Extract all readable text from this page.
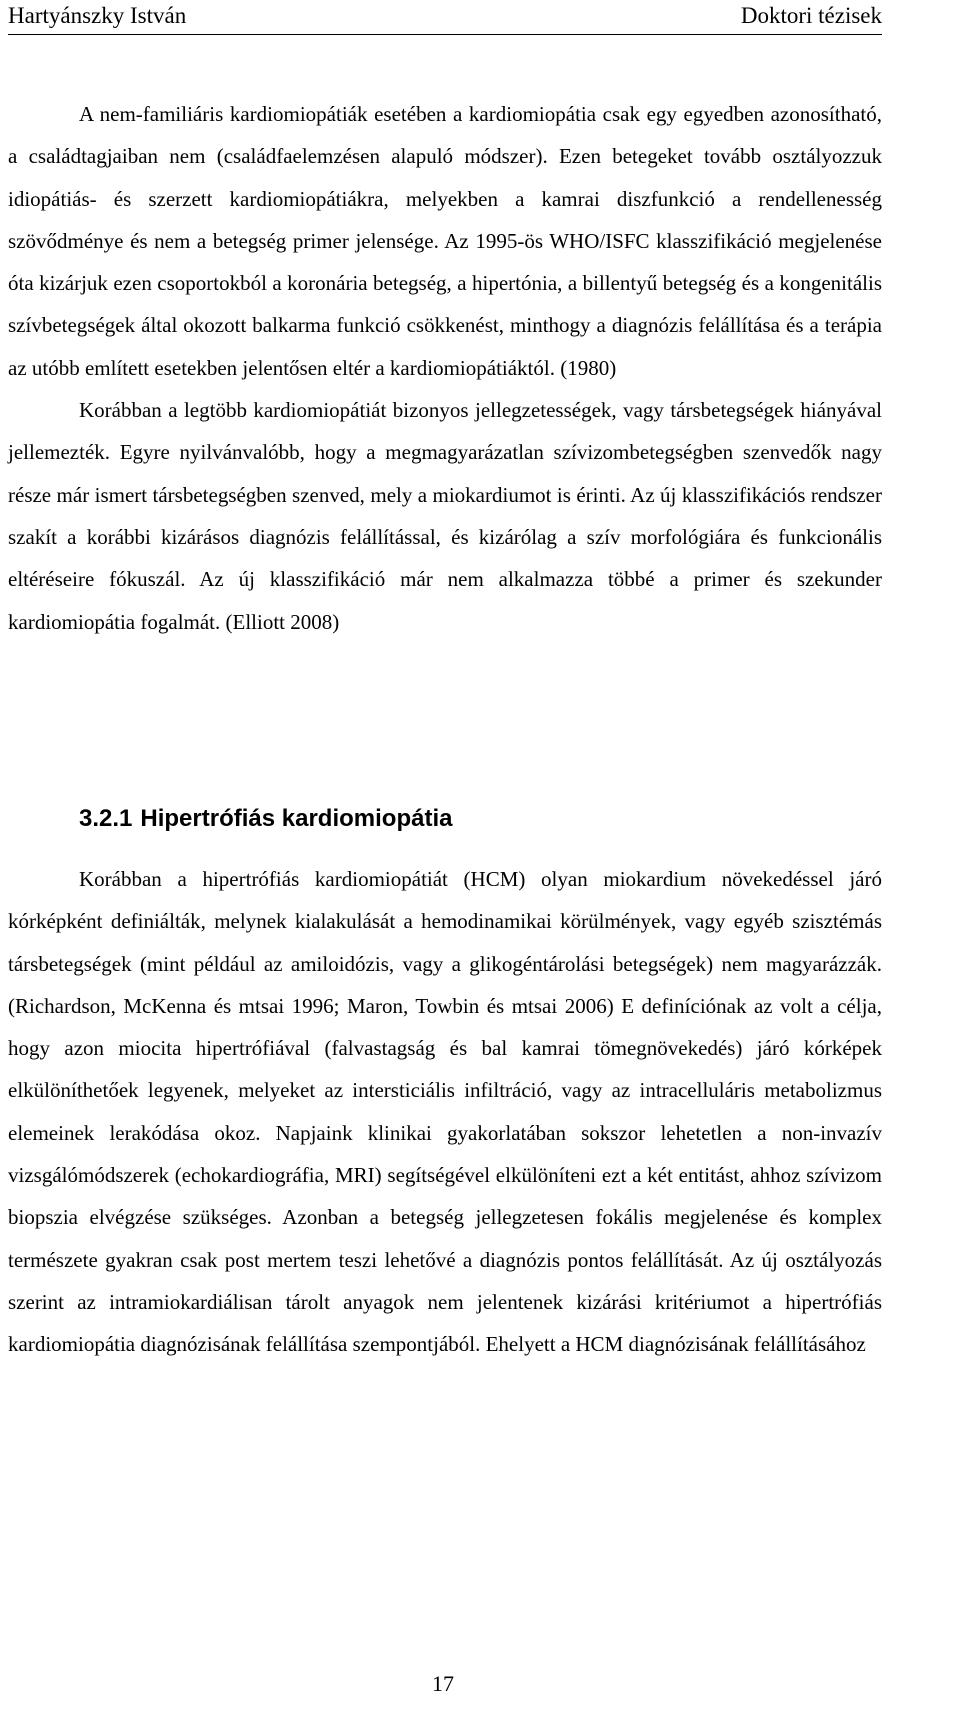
Hartyánszky István	Doktori tézisek

A nem-familiáris kardiomiopátiák esetében a kardiomiopátia csak egy egyedben azonosítható, a családtagjaiban nem (családfaelemzésen alapuló módszer). Ezen betegeket tovább osztályozzuk idiopátiás- és szerzett kardiomiopátiákra, melyekben a kamrai diszfunkció a rendellenesség szövődménye és nem a betegség primer jelensége. Az 1995-ös WHO/ISFC klasszifikáció megjelenése óta kizárjuk ezen csoportokból a koronária betegség, a hipertónia, a billentyű betegség és a kongenitális szívbetegségek által okozott balkarma funkció csökkenést, minthogy a diagnózis felállítása és a terápia az utóbb említett esetekben jelentősen eltér a kardiomiopátiáktól. (1980)

Korábban a legtöbb kardiomiopátiát bizonyos jellegzetességek, vagy társbetegségek hiányával jellemezték. Egyre nyilvánvalóbb, hogy a megmagyarázatlan szívizombetegségben szenvedők nagy része már ismert társbetegségben szenved, mely a miokardiumot is érinti. Az új klasszifikációs rendszer szakít a korábbi kizárásos diagnózis felállítással, és kizárólag a szív morfológiára és funkcionális eltéréseire fókuszál. Az új klasszifikáció már nem alkalmazza többé a primer és szekunder kardiomiopátia fogalmát. (Elliott 2008)

3.2.1 Hipertrófiás kardiomiopátia

Korábban a hipertrófiás kardiomiopátiát (HCM) olyan miokardium növekedéssel járó kórképként definiálták, melynek kialakulását a hemodinamikai körülmények, vagy egyéb szisztémás társbetegségek (mint például az amiloidózis, vagy a glikogéntárolási betegségek) nem magyarázzák. (Richardson, McKenna és mtsai 1996; Maron, Towbin és mtsai 2006) E definíciónak az volt a célja, hogy azon miocita hipertrófiával (falvastagság és bal kamrai tömegnövekedés) járó kórképek elkülöníthetőek legyenek, melyeket az intersticiális infiltráció, vagy az intracelluláris metabolizmus elemeinek lerakódása okoz. Napjaink klinikai gyakorlatában sokszor lehetetlen a non-invazív vizsgálómódszerek (echokardiográfia, MRI) segítségével elkülöníteni ezt a két entitást, ahhoz szívizom biopszia elvégzése szükséges. Azonban a betegség jellegzetesen fokális megjelenése és komplex természete gyakran csak post mertem teszi lehetővé a diagnózis pontos felállítását. Az új osztályozás szerint az intramiokardiálisan tárolt anyagok nem jelentenek kizárási kritériumot a hipertrófiás kardiomiopátia diagnózisának felállítása szempontjából. Ehelyett a HCM diagnózisának felállításához

17
